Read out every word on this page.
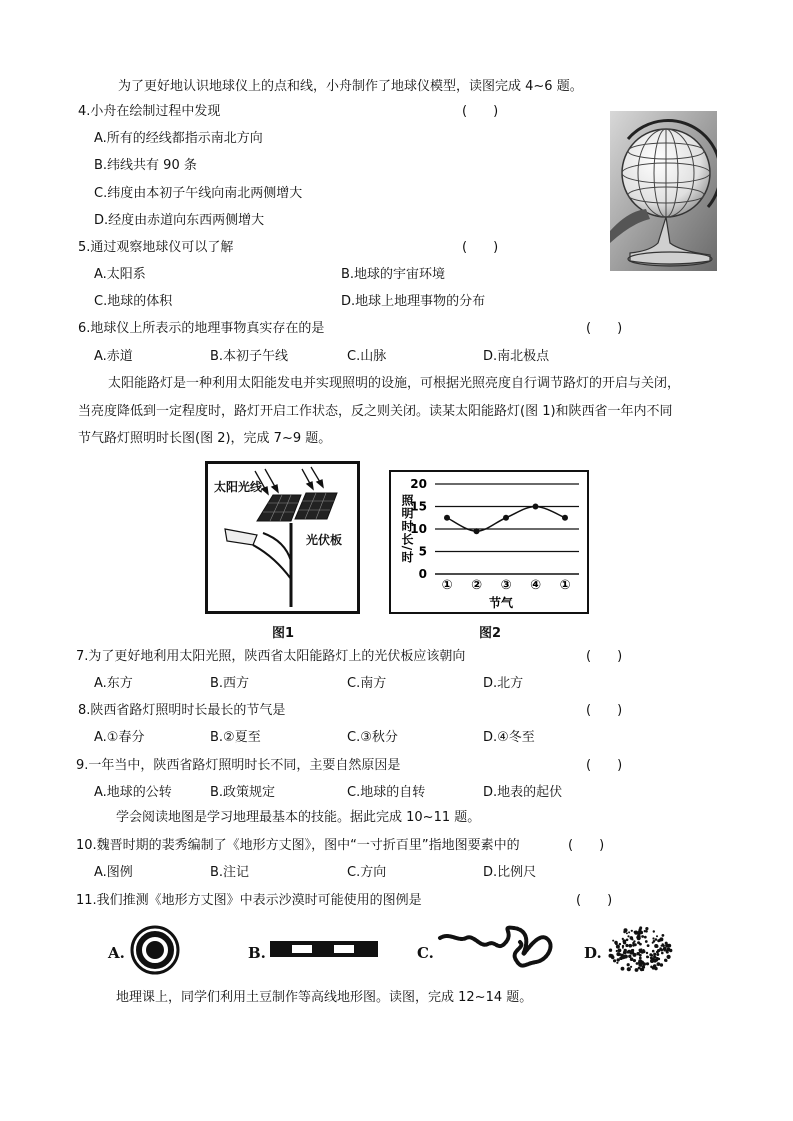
为了更好地认识地球仪上的点和线，小舟制作了地球仪模型，读图完成 4~6 题。
4.小舟在绘制过程中发现	(　　)
A.所有的经线都指示南北方向
B.纬线共有 90 条
C.纬度由本初子午线向南北两侧增大
D.经度由赤道向东西两侧增大
5.通过观察地球仪可以了解	(　　)
A.太阳系	B.地球的宇宙环境
C.地球的体积	D.地球上地理事物的分布
6.地球仪上所表示的地理事物真实存在的是	(　　)
A.赤道	B.本初子午线	C.山脉	D.南北极点
太阳能路灯是一种利用太阳能发电并实现照明的设施，可根据光照亮度自行调节路灯的开启与关闭，
当亮度降低到一定程度时，路灯开启工作状态，反之则关闭。读某太阳能路灯(图 1)和陕西省一年内不同
节气路灯照明时长图(图 2)，完成 7~9 题。
太阳光线
光伏板
图1
0
5
10
15
20
① ② ③ ④ ①
照明时长/时
节气
图2
7.为了更好地利用太阳光照，陕西省太阳能路灯上的光伏板应该朝向	(　　)
A.东方	B.西方	C.南方	D.北方
8.陕西省路灯照明时长最长的节气是	(　　)
A.①春分	B.②夏至	C.③秋分	D.④冬至
9.一年当中，陕西省路灯照明时长不同，主要自然原因是	(　　)
A.地球的公转	B.政策规定	C.地球的自转	D.地表的起伏
学会阅读地图是学习地理最基本的技能。据此完成 10~11 题。
10.魏晋时期的裴秀编制了《地形方丈图》，图中“一寸折百里”指地图要素中的	(　　)
A.图例	B.注记	C.方向	D.比例尺
11.我们推测《地形方丈图》中表示沙漠时可能使用的图例是	(　　)
A.	B.	C.	D.
地理课上，同学们利用土豆制作等高线地形图。读图，完成 12~14 题。
